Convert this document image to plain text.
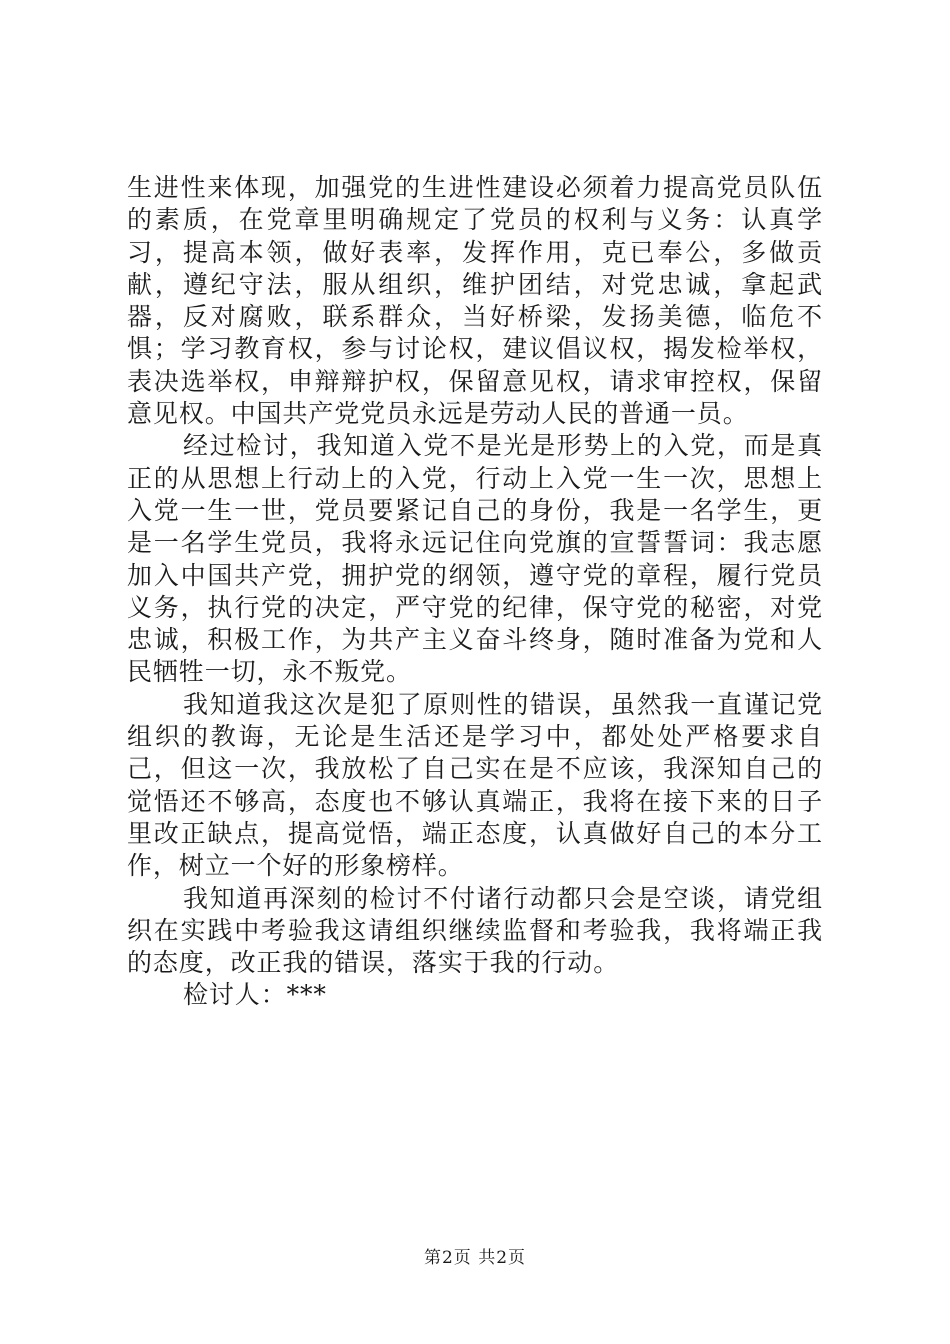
生进性来体现，加强党的生进性建设必须着力提高党员队伍的素质，在党章里明确规定了党员的权利与义务：认真学习，提高本领，做好表率，发挥作用，克已奉公，多做贡献，遵纪守法，服从组织，维护团结，对党忠诚，拿起武器，反对腐败，联系群众，当好桥梁，发扬美德，临危不惧；学习教育权，参与讨论权，建议倡议权，揭发检举权，表决选举权，申辩辩护权，保留意见权，请求审控权，保留意见权。中国共产党党员永远是劳动人民的普通一员。

经过检讨，我知道入党不是光是形势上的入党，而是真正的从思想上行动上的入党，行动上入党一生一次，思想上入党一生一世，党员要紧记自己的身份，我是一名学生，更是一名学生党员，我将永远记住向党旗的宣誓誓词：我志愿加入中国共产党，拥护党的纲领，遵守党的章程，履行党员义务，执行党的决定，严守党的纪律，保守党的秘密，对党忠诚，积极工作，为共产主义奋斗终身，随时准备为党和人民牺牲一切，永不叛党。

我知道我这次是犯了原则性的错误，虽然我一直谨记党组织的教诲，无论是生活还是学习中，都处处严格要求自己，但这一次，我放松了自己实在是不应该，我深知自己的觉悟还不够高，态度也不够认真端正，我将在接下来的日子里改正缺点，提高觉悟，端正态度，认真做好自己的本分工作，树立一个好的形象榜样。

我知道再深刻的检讨不付诸行动都只会是空谈，请党组织在实践中考验我这请组织继续监督和考验我，我将端正我的态度，改正我的错误，落实于我的行动。

检讨人：***

第2页 共2页
